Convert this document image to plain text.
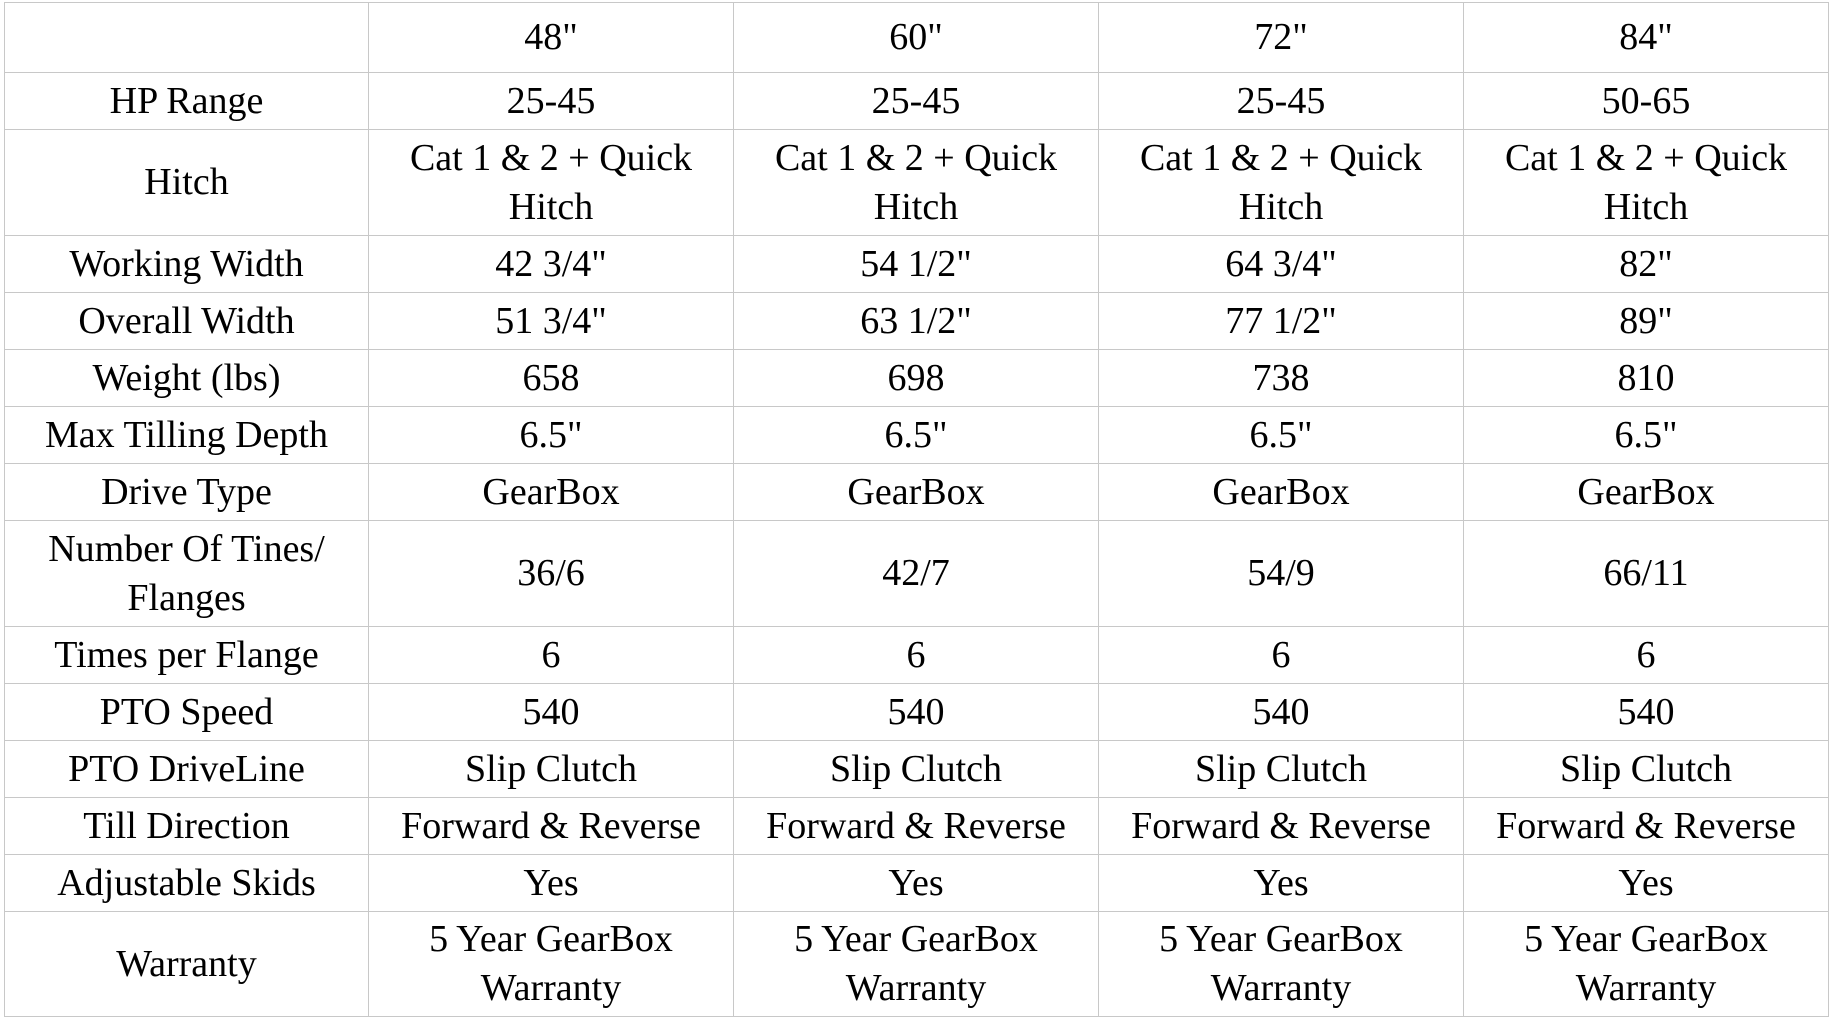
	48"	60"	72"	84"
HP Range	25-45	25-45	25-45	50-65
Hitch	Cat 1 & 2 + Quick Hitch	Cat 1 & 2 + Quick Hitch	Cat 1 & 2 + Quick Hitch	Cat 1 & 2 + Quick Hitch
Working Width	42 3/4"	54 1/2"	64 3/4"	82"
Overall Width	51 3/4"	63 1/2"	77 1/2"	89"
Weight (lbs)	658	698	738	810
Max Tilling Depth	6.5"	6.5"	6.5"	6.5"
Drive Type	GearBox	GearBox	GearBox	GearBox
Number Of Tines/ Flanges	36/6	42/7	54/9	66/11
Times per Flange	6	6	6	6
PTO Speed	540	540	540	540
PTO DriveLine	Slip Clutch	Slip Clutch	Slip Clutch	Slip Clutch
Till Direction	Forward & Reverse	Forward & Reverse	Forward & Reverse	Forward & Reverse
Adjustable Skids	Yes	Yes	Yes	Yes
Warranty	5 Year GearBox Warranty	5 Year GearBox Warranty	5 Year GearBox Warranty	5 Year GearBox Warranty
